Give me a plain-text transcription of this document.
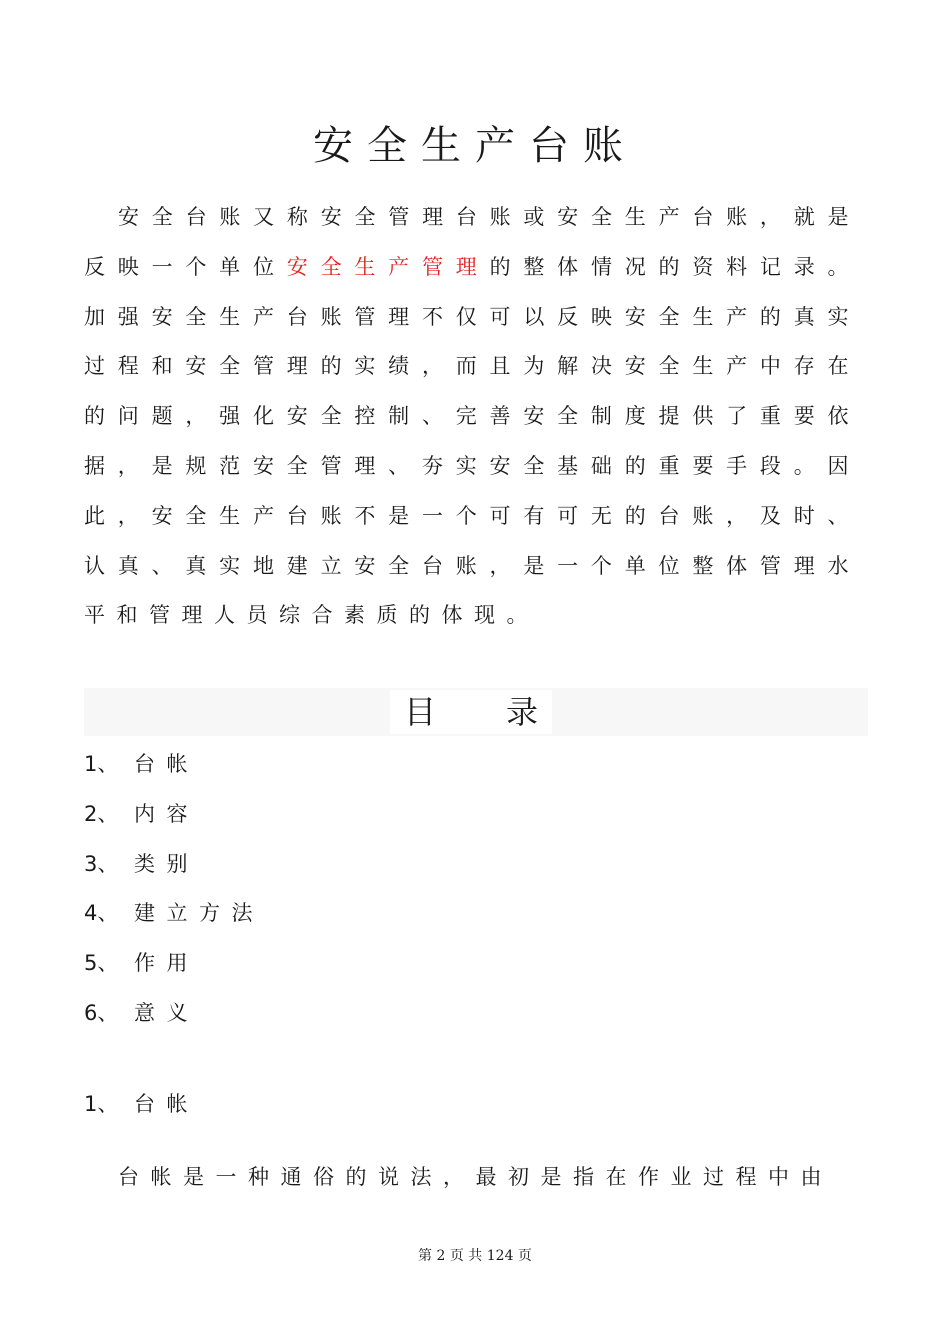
安全生产台账

安全台账又称安全管理台账或安全生产台账，就是反映一个单位安全生产管理的整体情况的资料记录。加强安全生产台账管理不仅可以反映安全生产的真实过程和安全管理的实绩，而且为解决安全生产中存在的问题，强化安全控制、完善安全制度提供了重要依据，是规范安全管理、夯实安全基础的重要手段。因此，安全生产台账不是一个可有可无的台账，及时、认真、真实地建立安全台账，是一个单位整体管理水平和管理人员综合素质的体现。

目录
1、 台帐
2、 内容
3、 类别
4、 建立方法
5、 作用
6、 意义
1、 台帐

台帐是一种通俗的说法，最初是指在作业过程中由

第 2 页 共 124 页
